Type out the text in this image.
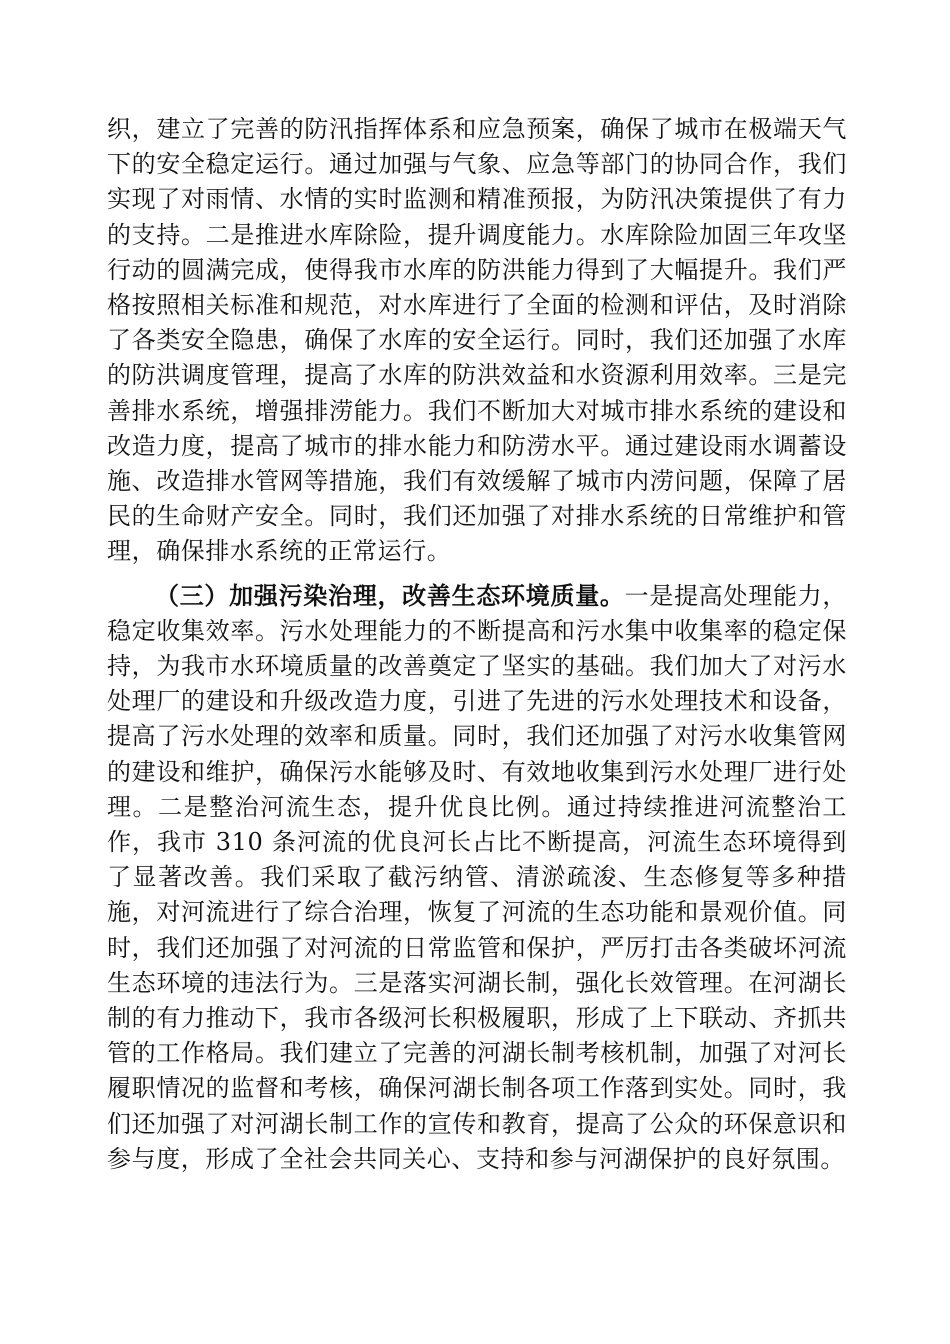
织，建立了完善的防汛指挥体系和应急预案，确保了城市在极端天气下的安全稳定运行。通过加强与气象、应急等部门的协同合作，我们实现了对雨情、水情的实时监测和精准预报，为防汛决策提供了有力的支持。二是推进水库除险，提升调度能力。水库除险加固三年攻坚行动的圆满完成，使得我市水库的防洪能力得到了大幅提升。我们严格按照相关标准和规范，对水库进行了全面的检测和评估，及时消除了各类安全隐患，确保了水库的安全运行。同时，我们还加强了水库的防洪调度管理，提高了水库的防洪效益和水资源利用效率。三是完善排水系统，增强排涝能力。我们不断加大对城市排水系统的建设和改造力度，提高了城市的排水能力和防涝水平。通过建设雨水调蓄设施、改造排水管网等措施，我们有效缓解了城市内涝问题，保障了居民的生命财产安全。同时，我们还加强了对排水系统的日常维护和管理，确保排水系统的正常运行。

（三）加强污染治理，改善生态环境质量。一是提高处理能力，稳定收集效率。污水处理能力的不断提高和污水集中收集率的稳定保持，为我市水环境质量的改善奠定了坚实的基础。我们加大了对污水处理厂的建设和升级改造力度，引进了先进的污水处理技术和设备，提高了污水处理的效率和质量。同时，我们还加强了对污水收集管网的建设和维护，确保污水能够及时、有效地收集到污水处理厂进行处理。二是整治河流生态，提升优良比例。通过持续推进河流整治工作，我市 310 条河流的优良河长占比不断提高，河流生态环境得到了显著改善。我们采取了截污纳管、清淤疏浚、生态修复等多种措施，对河流进行了综合治理，恢复了河流的生态功能和景观价值。同时，我们还加强了对河流的日常监管和保护，严厉打击各类破坏河流生态环境的违法行为。三是落实河湖长制，强化长效管理。在河湖长制的有力推动下，我市各级河长积极履职，形成了上下联动、齐抓共管的工作格局。我们建立了完善的河湖长制考核机制，加强了对河长履职情况的监督和考核，确保河湖长制各项工作落到实处。同时，我们还加强了对河湖长制工作的宣传和教育，提高了公众的环保意识和参与度，形成了全社会共同关心、支持和参与河湖保护的良好氛围。
